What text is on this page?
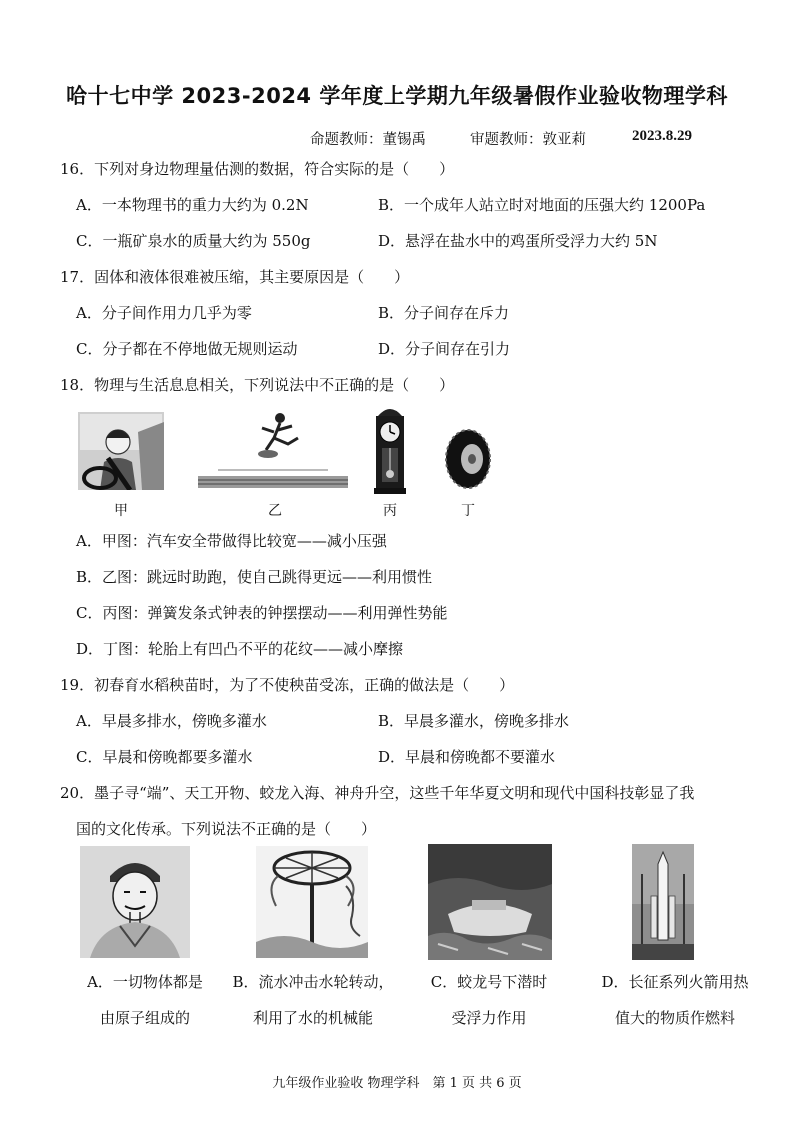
哈十七中学 2023-2024 学年度上学期九年级暑假作业验收物理学科
命题教师：董锡禹	审题教师：敦亚莉	2023.8.29
16．下列对身边物理量估测的数据，符合实际的是（　　）
A．一本物理书的重力大约为 0.2N	B．一个成年人站立时对地面的压强大约 1200Pa
C．一瓶矿泉水的质量大约为 550g	D．悬浮在盐水中的鸡蛋所受浮力大约 5N
17．固体和液体很难被压缩，其主要原因是（　　）
A．分子间作用力几乎为零	B．分子间存在斥力
C．分子都在不停地做无规则运动	D．分子间存在引力
18．物理与生活息息相关，下列说法中不正确的是（　　）
甲	乙	丙	丁
A．甲图：汽车安全带做得比较宽——减小压强
B．乙图：跳远时助跑，使自己跳得更远——利用惯性
C．丙图：弹簧发条式钟表的钟摆摆动——利用弹性势能
D．丁图：轮胎上有凹凸不平的花纹——减小摩擦
19．初春育水稻秧苗时，为了不使秧苗受冻，正确的做法是（　　）
A．早晨多排水，傍晚多灌水	B．早晨多灌水，傍晚多排水
C．早晨和傍晚都要多灌水	D．早晨和傍晚都不要灌水
20．墨子寻“端”、天工开物、蛟龙入海、神舟升空，这些千年华夏文明和现代中国科技彰显了我
国的文化传承。下列说法不正确的是（　　）
A．一切物体都是
由原子组成的
B．流水冲击水轮转动，
利用了水的机械能
C．蛟龙号下潜时
受浮力作用
D．长征系列火箭用热
值大的物质作燃料
九年级作业验收 物理学科　第 1 页 共 6 页
